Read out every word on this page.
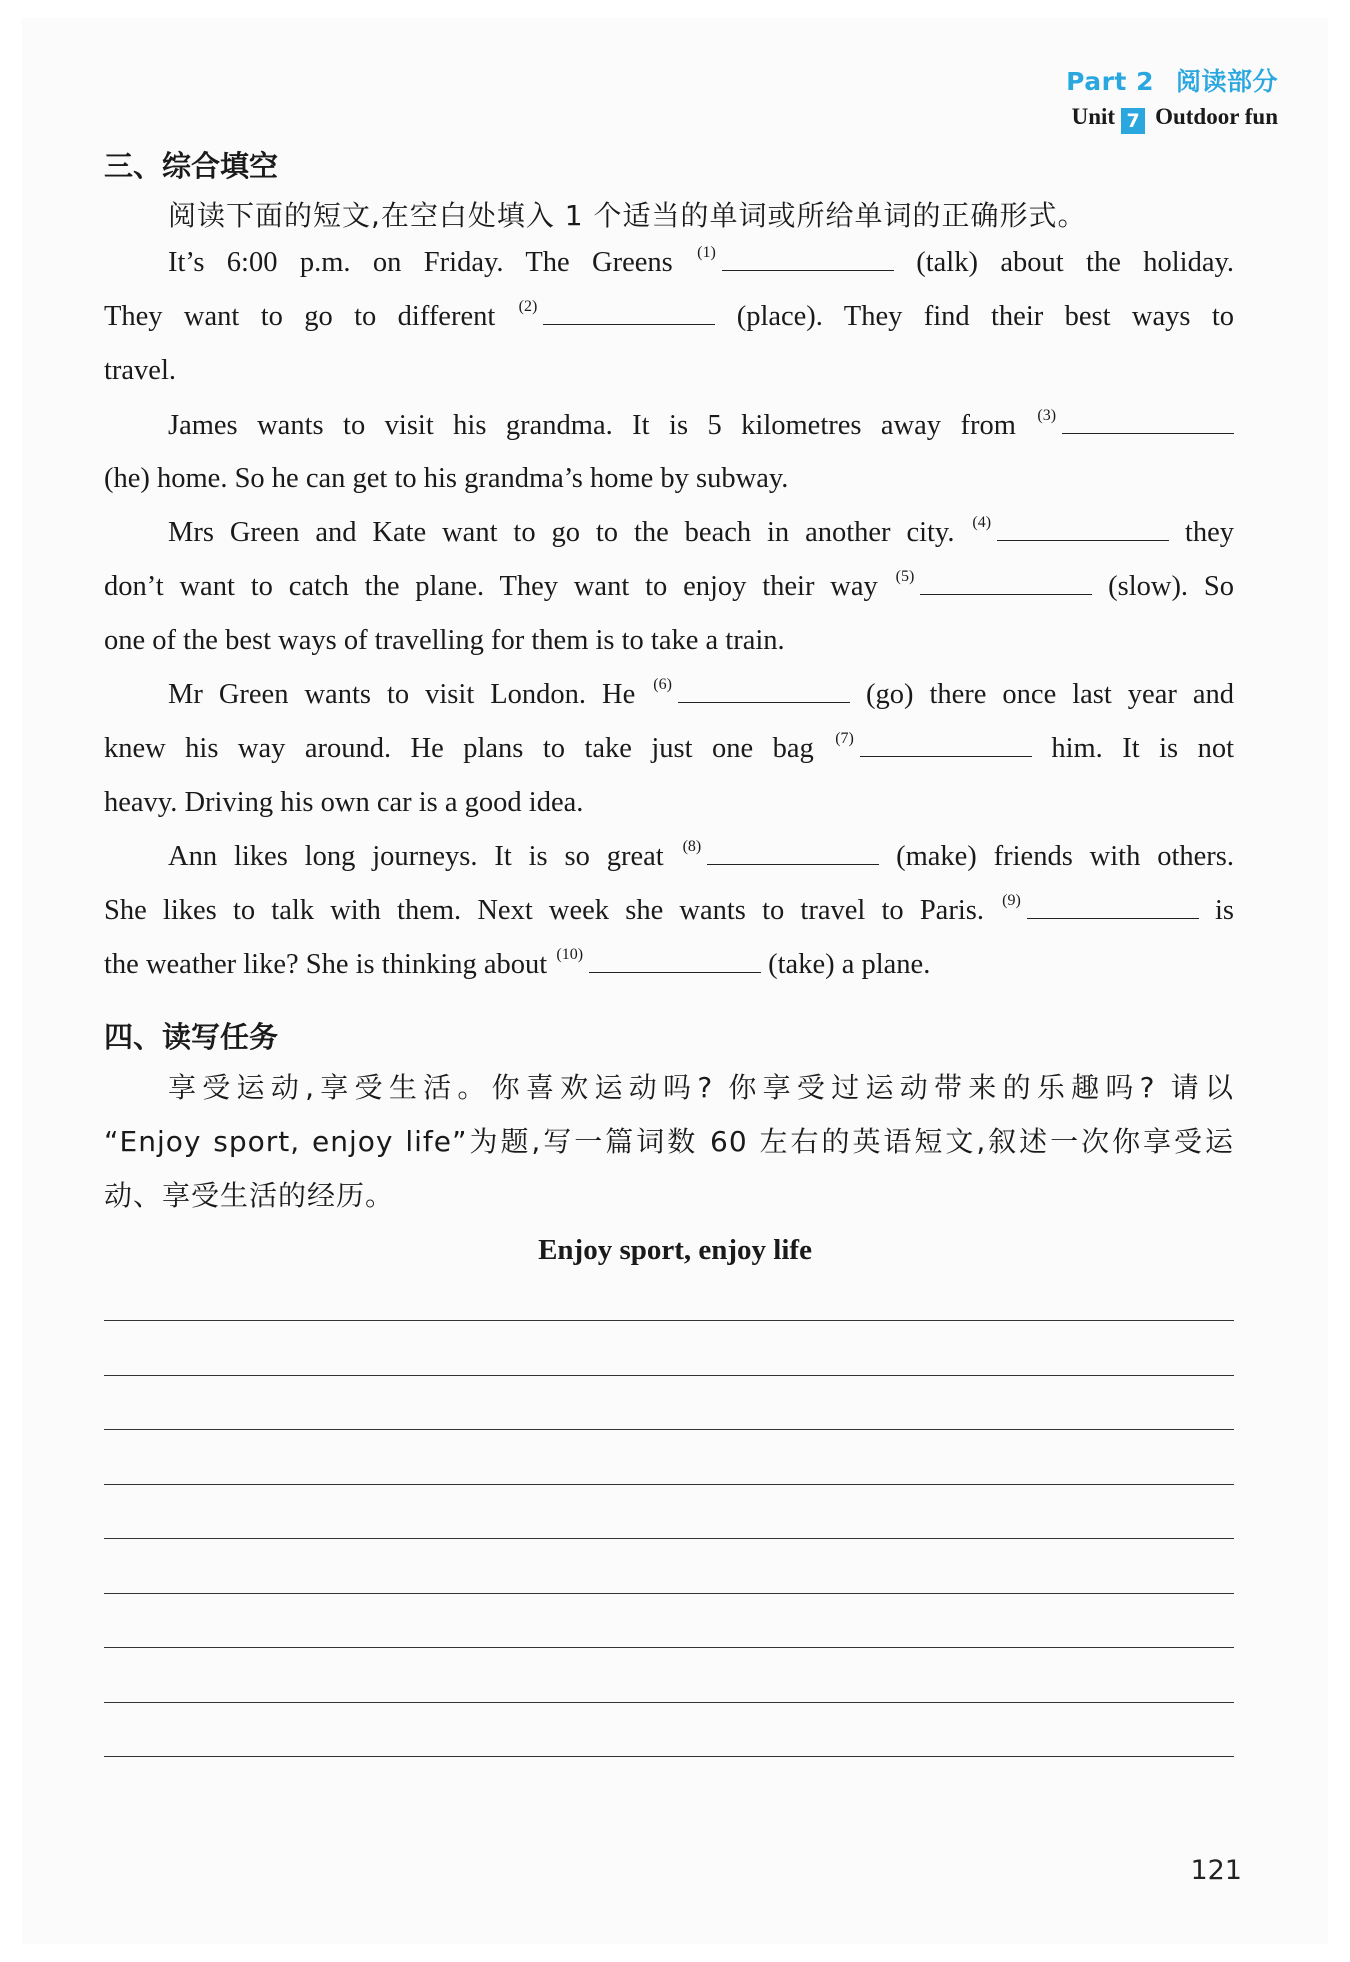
Part 2 阅读部分
Unit 7 Outdoor fun
三、综合填空
阅读下面的短文,在空白处填入 1 个适当的单词或所给单词的正确形式。
It’s 6:00 p.m. on Friday. The Greens $^{(1)}$	(talk) about the holiday.
They want to go to different $^{(2)}$	(place). They find their best ways to
travel.
James wants to visit his grandma. It is 5 kilometres away from $^{(3)}$
(he) home. So he can get to his grandma’s home by subway.
Mrs Green and Kate want to go to the beach in another city. $^{(4)}$	they
don’t want to catch the plane. They want to enjoy their way $^{(5)}$	(slow). So
one of the best ways of travelling for them is to take a train.
Mr Green wants to visit London. He $^{(6)}$	(go) there once last year and
knew his way around. He plans to take just one bag $^{(7)}$	him. It is not
heavy. Driving his own car is a good idea.
Ann likes long journeys. It is so great $^{(8)}$	(make) friends with others.
She likes to talk with them. Next week she wants to travel to Paris. $^{(9)}$	is
the weather like? She is thinking about $^{(10)}$	(take) a plane.
四、读写任务
享受运动,享受生活。你喜欢运动吗? 你享受过运动带来的乐趣吗? 请以
“Enjoy sport, enjoy life”为题,写一篇词数 60 左右的英语短文,叙述一次你享受运
动、享受生活的经历。
Enjoy sport, enjoy life
121
